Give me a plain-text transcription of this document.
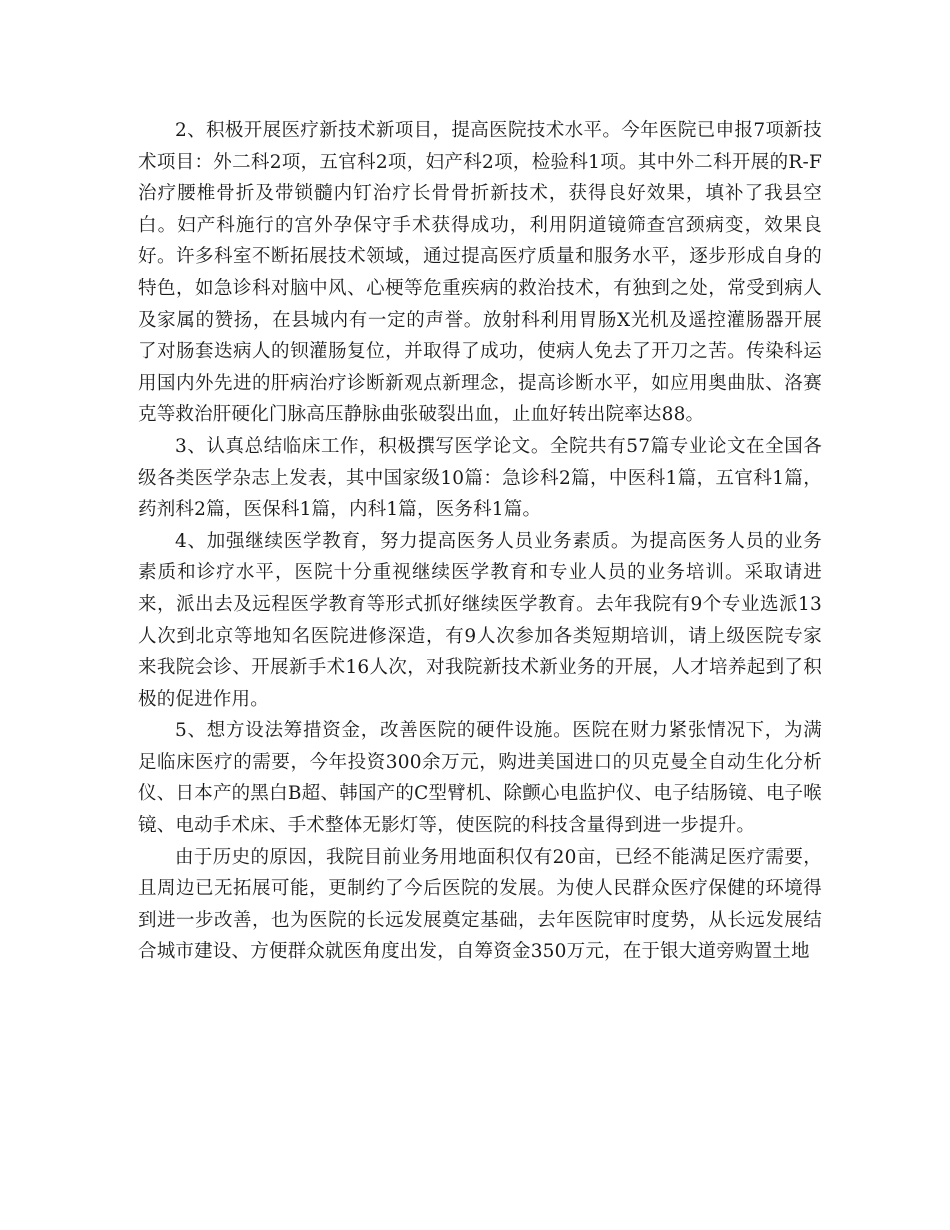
2、积极开展医疗新技术新项目，提高医院技术水平。今年医院已申报7项新技术项目：外二科2项，五官科2项，妇产科2项，检验科1项。其中外二科开展的R-F治疗腰椎骨折及带锁髓内钉治疗长骨骨折新技术，获得良好效果，填补了我县空白。妇产科施行的宫外孕保守手术获得成功，利用阴道镜筛查宫颈病变，效果良好。许多科室不断拓展技术领域，通过提高医疗质量和服务水平，逐步形成自身的特色，如急诊科对脑中风、心梗等危重疾病的救治技术，有独到之处，常受到病人及家属的赞扬，在县城内有一定的声誉。放射科利用胃肠X光机及遥控灌肠器开展了对肠套迭病人的钡灌肠复位，并取得了成功，使病人免去了开刀之苦。传染科运用国内外先进的肝病治疗诊断新观点新理念，提高诊断水平，如应用奥曲肽、洛赛克等救治肝硬化门脉高压静脉曲张破裂出血，止血好转出院率达88。

3、认真总结临床工作，积极撰写医学论文。全院共有57篇专业论文在全国各级各类医学杂志上发表，其中国家级10篇：急诊科2篇，中医科1篇，五官科1篇，药剂科2篇，医保科1篇，内科1篇，医务科1篇。

4、加强继续医学教育，努力提高医务人员业务素质。为提高医务人员的业务素质和诊疗水平，医院十分重视继续医学教育和专业人员的业务培训。采取请进来，派出去及远程医学教育等形式抓好继续医学教育。去年我院有9个专业选派13人次到北京等地知名医院进修深造，有9人次参加各类短期培训，请上级医院专家来我院会诊、开展新手术16人次，对我院新技术新业务的开展，人才培养起到了积极的促进作用。

5、想方设法筹措资金，改善医院的硬件设施。医院在财力紧张情况下，为满足临床医疗的需要，今年投资300余万元，购进美国进口的贝克曼全自动生化分析仪、日本产的黑白B超、韩国产的C型臂机、除颤心电监护仪、电子结肠镜、电子喉镜、电动手术床、手术整体无影灯等，使医院的科技含量得到进一步提升。

由于历史的原因，我院目前业务用地面积仅有20亩，已经不能满足医疗需要，且周边已无拓展可能，更制约了今后医院的发展。为使人民群众医疗保健的环境得到进一步改善，也为医院的长远发展奠定基础，去年医院审时度势，从长远发展结合城市建设、方便群众就医角度出发，自筹资金350万元，在于银大道旁购置土地
